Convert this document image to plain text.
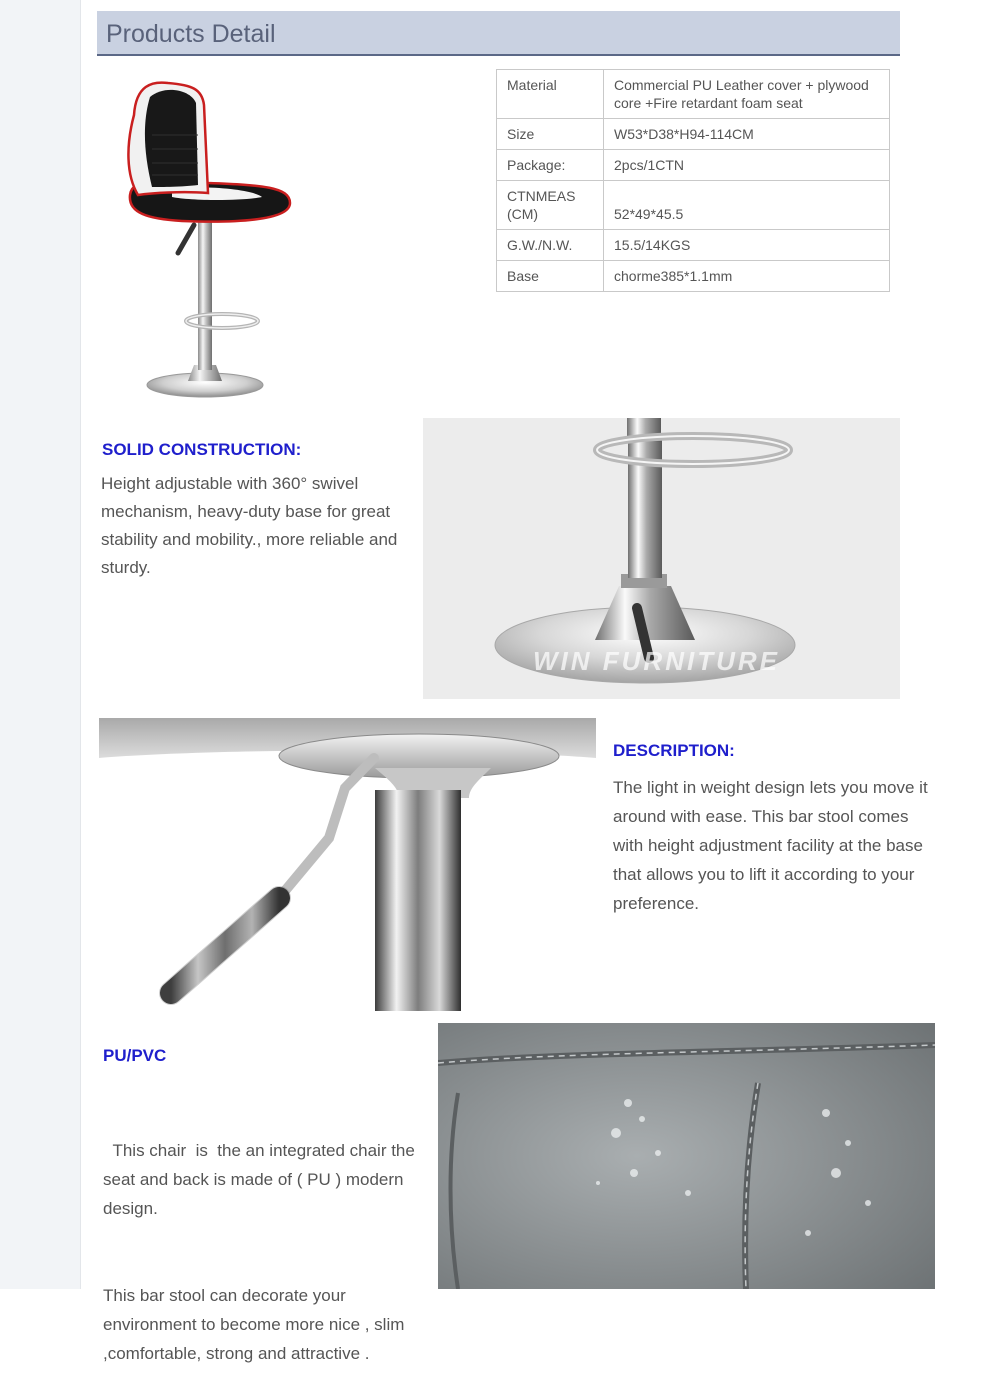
Products Detail
Material	Commercial PU Leather cover + plywood core +Fire retardant foam seat
Size	W53*D38*H94-114CM
Package:	2pcs/1CTN
CTNMEAS (CM)	52*49*45.5
G.W./N.W.	15.5/14KGS
Base	chorme385*1.1mm
SOLID CONSTRUCTION:

Height adjustable with 360° swivel mechanism, heavy-duty base for great stability and mobility., more reliable and sturdy.

WIN FURNITURE
DESCRIPTION:

The light in weight design lets you move it around with ease. This bar stool comes with height adjustment facility at the base that allows you to lift it according to your preference.

PU/PVC

This chair  is  the an integrated chair the seat and back is made of ( PU ) modern  design.

This bar stool can decorate your environment to become more nice , slim ,comfortable, strong and attractive .
